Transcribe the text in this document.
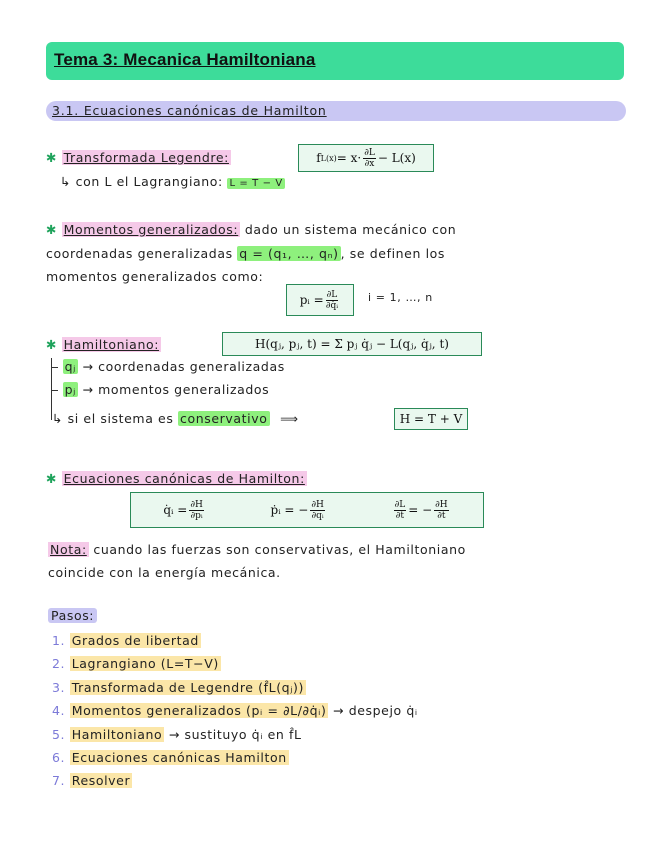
Tema 3: Mecanica Hamiltoniana
3.1. Ecuaciones canónicas de Hamilton
✱ Transformada Legendre:	f $L(x) = x\cdot \frac{\partial L}{\partial x} - L(x)$
↳ con L el Lagrangiano: L = T − V
✱ Momentos generalizados: dado un sistema mecánico con
coordenadas generalizadas q = (q₁, …, qₙ) , se definen los
momentos generalizados como:
pᵢ = $\frac{\partial L}{\text{∂q̇ᵢ}}$	i = 1, …, n
✱ Hamiltoniano:	H(qⱼ, pⱼ, t) = Σ pⱼ q̇ⱼ − L(qⱼ, q̇ⱼ, t)
qⱼ → coordenadas generalizadas
pⱼ → momentos generalizados
↳ si el sistema es conservativo ⟹	H = T + V
✱ Ecuaciones canónicas de Hamilton:
q̇ᵢ = $\frac{\partial H}{\text{∂pᵢ}}$	ṗᵢ = − $\frac{\partial H}{\text{∂qᵢ}}$	$\frac{\partial L}{\partial t}$ = − $\frac{\partial H}{\partial t}$
Nota: cuando las fuerzas son conservativas, el Hamiltoniano
coincide con la energía mecánica.
Pasos:
1. Grados de libertad
2. Lagrangiano (L=T−V)
3. Transformada de Legendre (f̂L(qⱼ))
4. Momentos generalizados (pᵢ = ∂L/∂q̇ᵢ) → despejo q̇ᵢ
5. Hamiltoniano → sustituyo q̇ᵢ en f̂L
6. Ecuaciones canónicas Hamilton
7. Resolver
